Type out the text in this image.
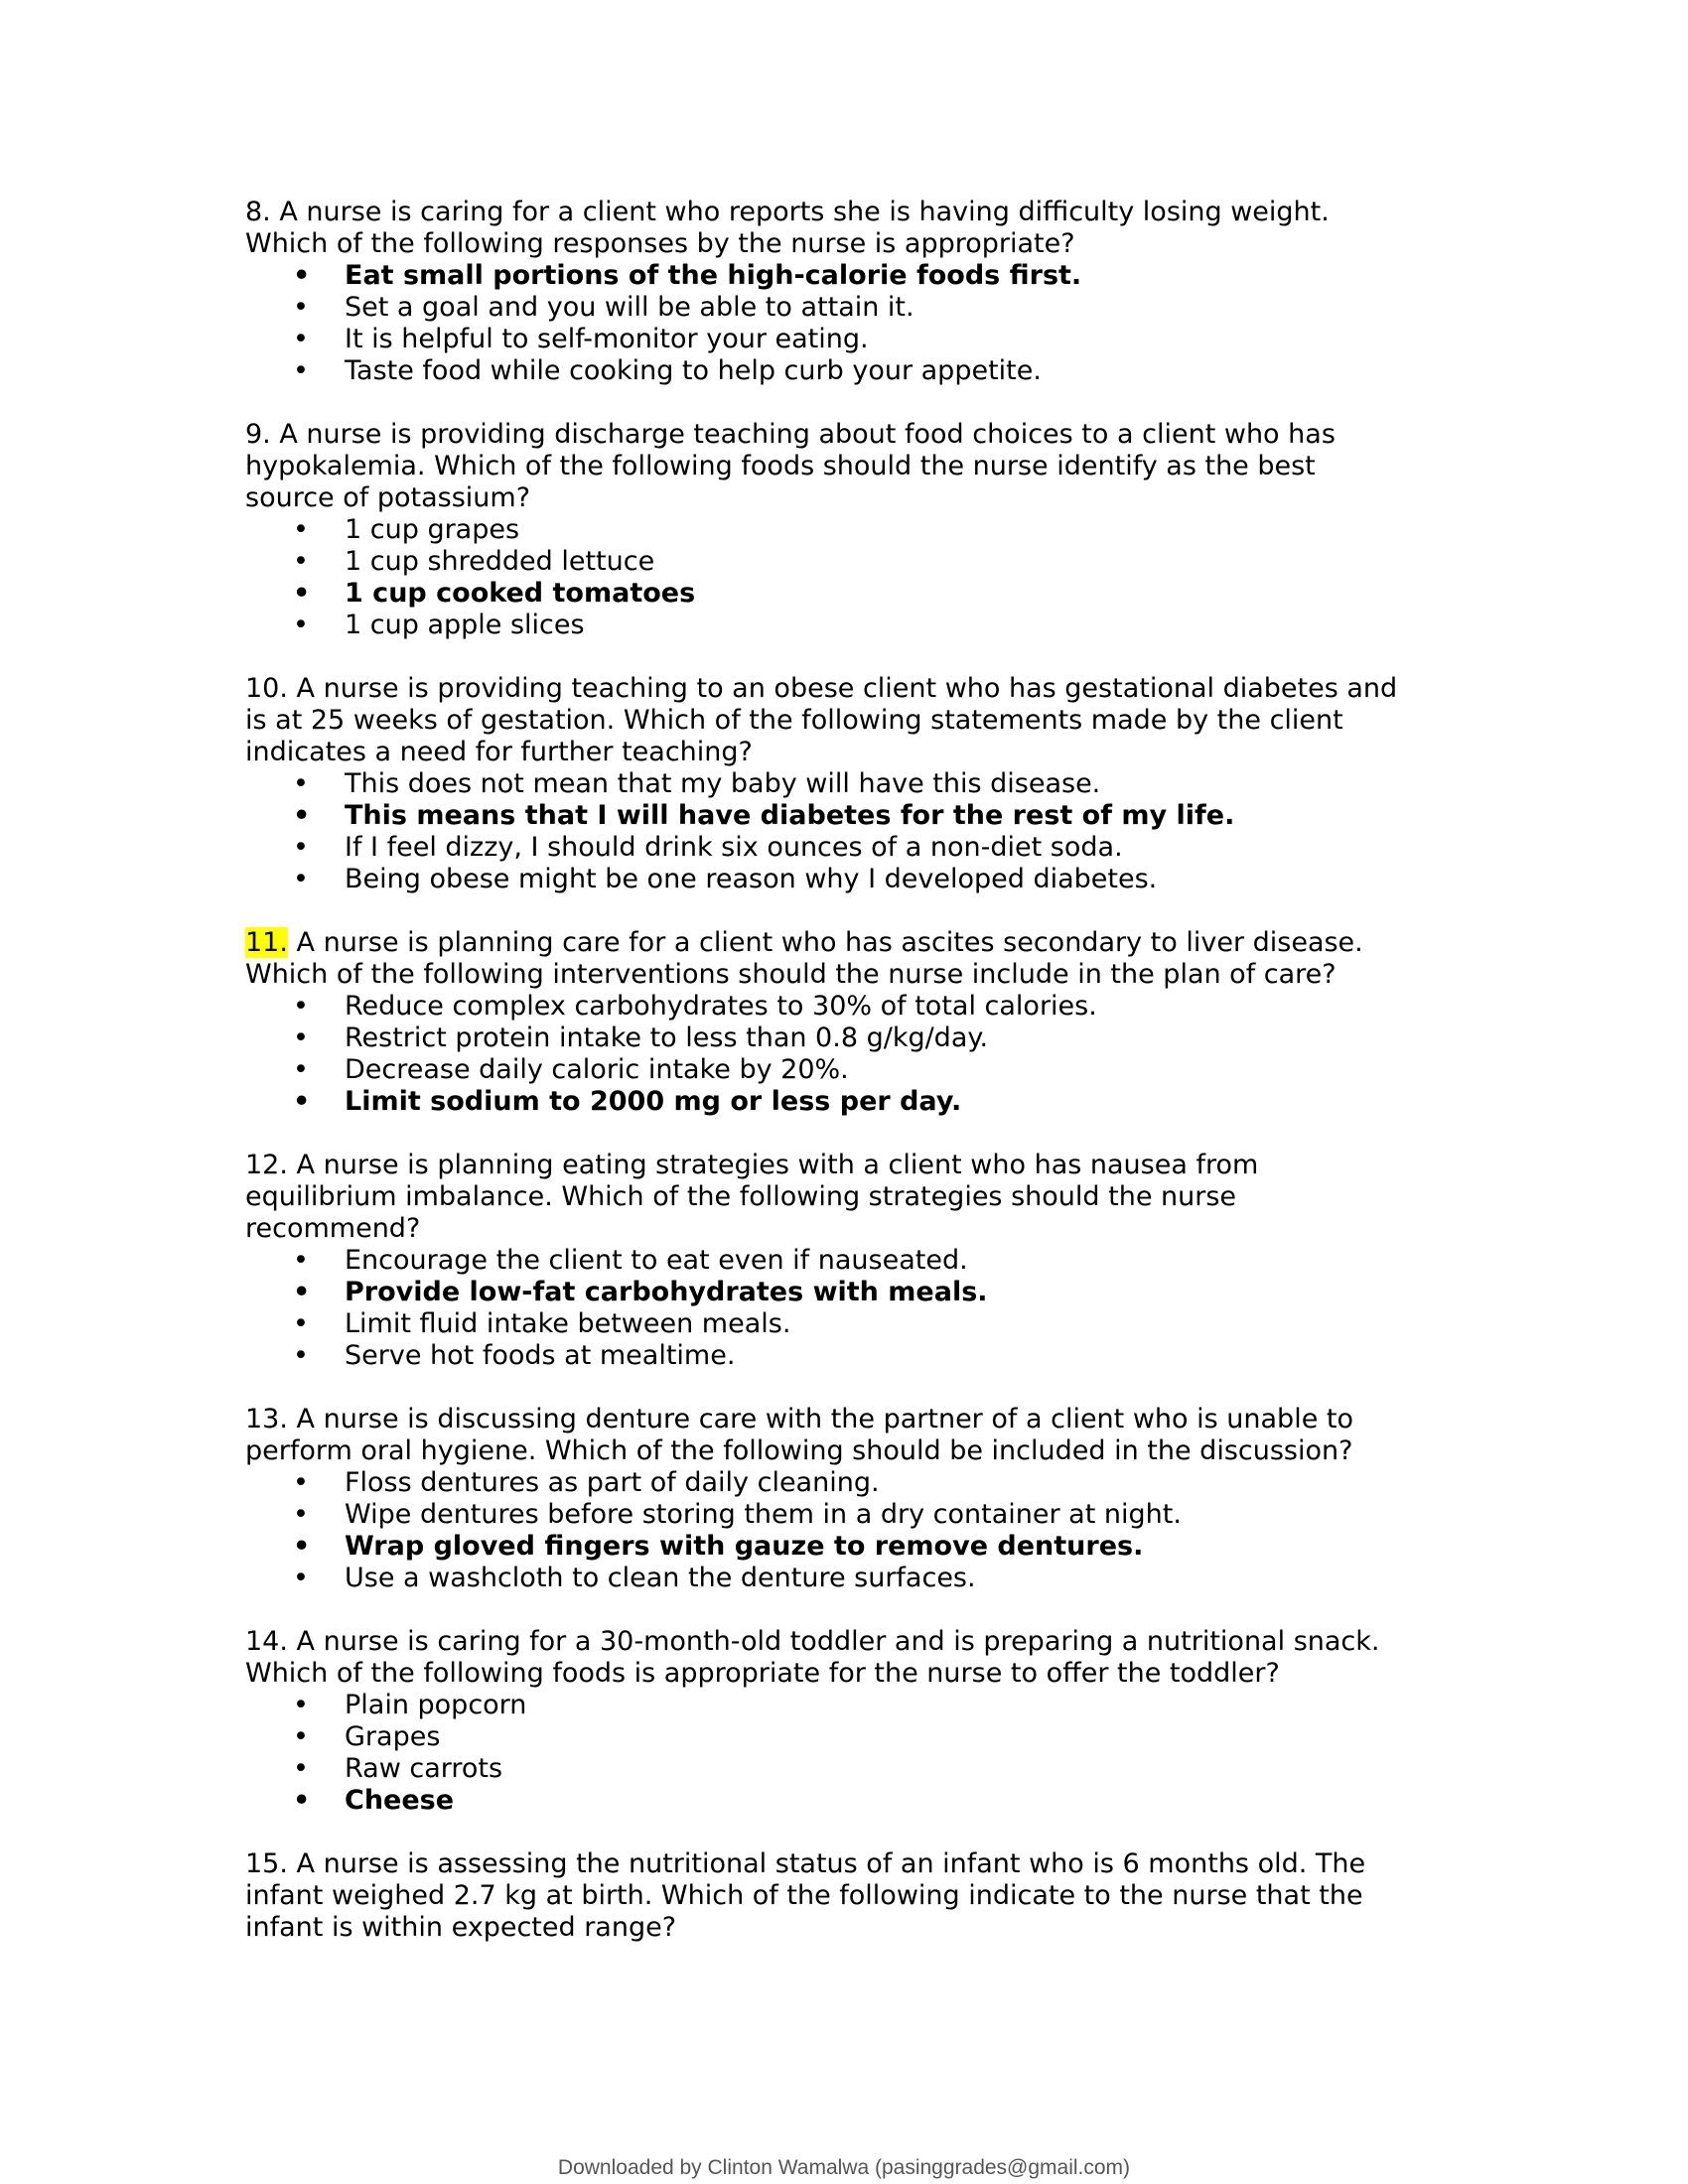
8. A nurse is caring for a client who reports she is having difficulty losing weight.
Which of the following responses by the nurse is appropriate?

• Eat small portions of the high-calorie foods first.
• Set a goal and you will be able to attain it.
• It is helpful to self-monitor your eating.
• Taste food while cooking to help curb your appetite.

9. A nurse is providing discharge teaching about food choices to a client who has
hypokalemia. Which of the following foods should the nurse identify as the best
source of potassium?

• 1 cup grapes
• 1 cup shredded lettuce
• 1 cup cooked tomatoes
• 1 cup apple slices

10. A nurse is providing teaching to an obese client who has gestational diabetes and
is at 25 weeks of gestation. Which of the following statements made by the client
indicates a need for further teaching?

• This does not mean that my baby will have this disease.
• This means that I will have diabetes for the rest of my life.
• If I feel dizzy, I should drink six ounces of a non-diet soda.
• Being obese might be one reason why I developed diabetes.

11. A nurse is planning care for a client who has ascites secondary to liver disease.
Which of the following interventions should the nurse include in the plan of care?

• Reduce complex carbohydrates to 30% of total calories.
• Restrict protein intake to less than 0.8 g/kg/day.
• Decrease daily caloric intake by 20%.
• Limit sodium to 2000 mg or less per day.

12. A nurse is planning eating strategies with a client who has nausea from
equilibrium imbalance. Which of the following strategies should the nurse
recommend?

• Encourage the client to eat even if nauseated.
• Provide low-fat carbohydrates with meals.
• Limit fluid intake between meals.
• Serve hot foods at mealtime.

13. A nurse is discussing denture care with the partner of a client who is unable to
perform oral hygiene. Which of the following should be included in the discussion?

• Floss dentures as part of daily cleaning.
• Wipe dentures before storing them in a dry container at night.
• Wrap gloved fingers with gauze to remove dentures.
• Use a washcloth to clean the denture surfaces.

14. A nurse is caring for a 30-month-old toddler and is preparing a nutritional snack.
Which of the following foods is appropriate for the nurse to offer the toddler?

• Plain popcorn
• Grapes
• Raw carrots
• Cheese

15. A nurse is assessing the nutritional status of an infant who is 6 months old. The
infant weighed 2.7 kg at birth. Which of the following indicate to the nurse that the
infant is within expected range?

Downloaded by Clinton Wamalwa (pasinggrades@gmail.com)
